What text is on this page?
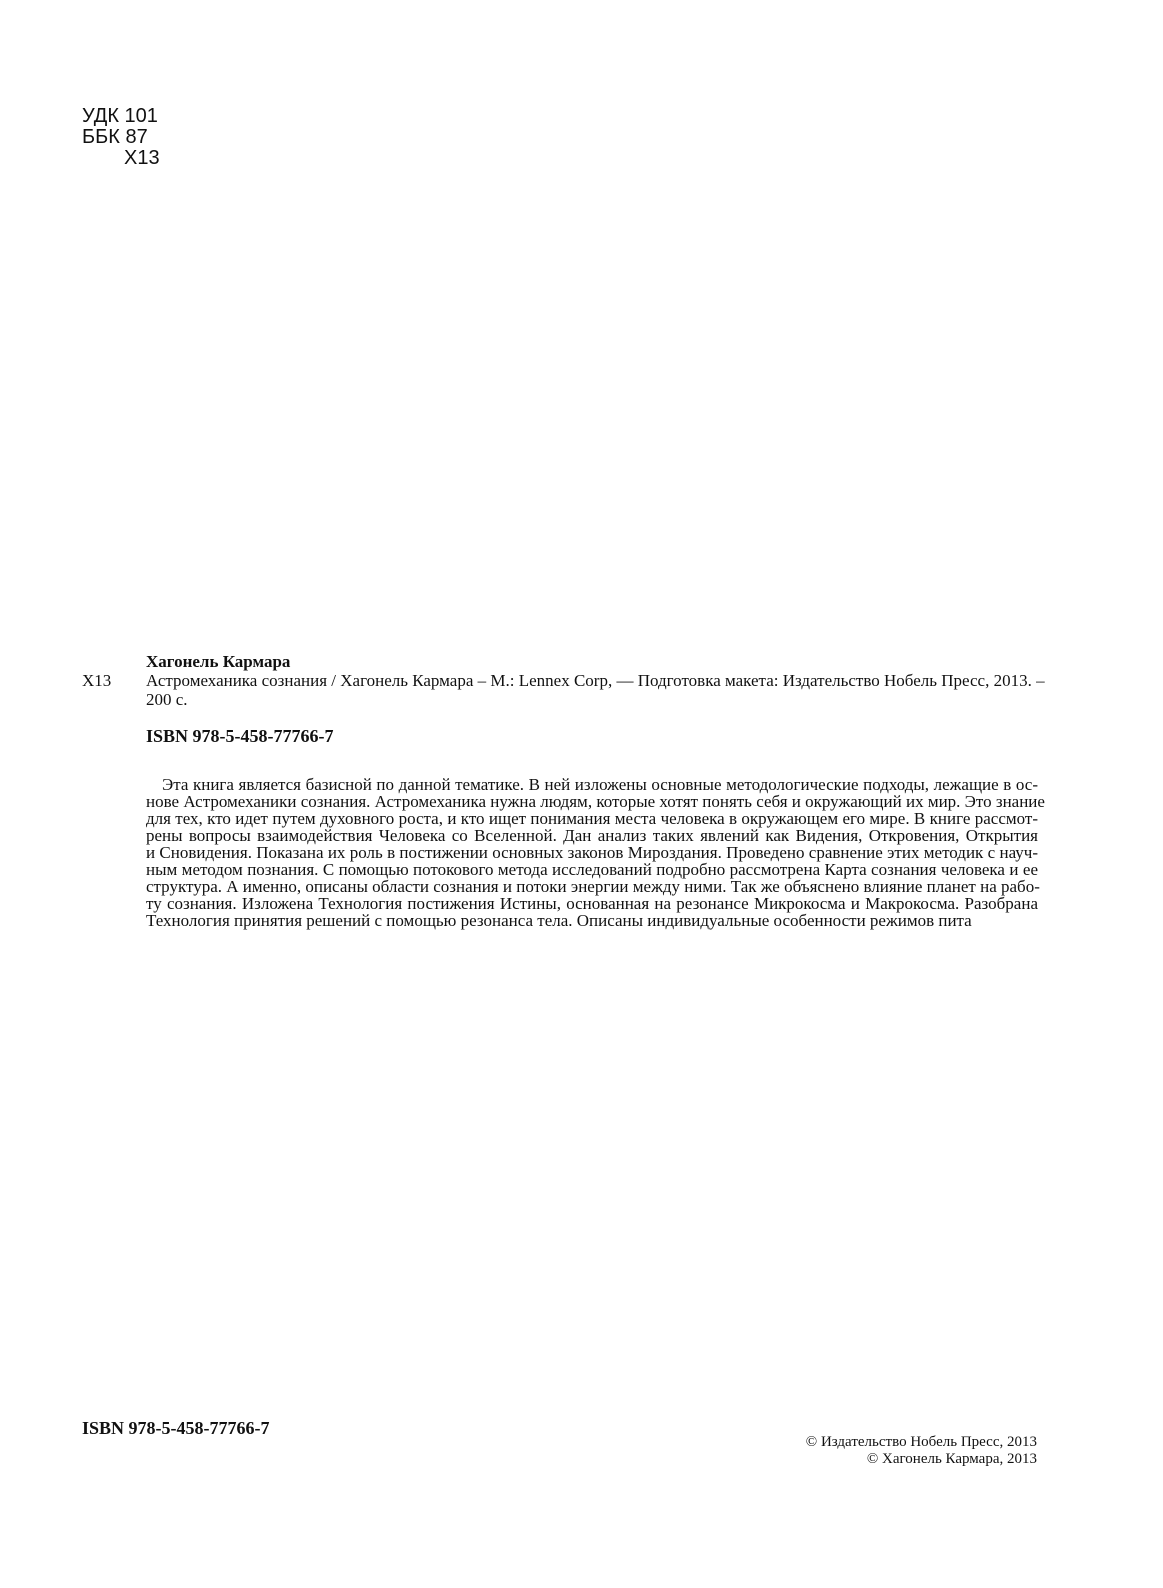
УДК 101
ББК 87
Х13
Хагонель Кармара
Х13 Астромеханика сознания / Хагонель Кармара – М.: Lennex Corp, — Подготовка макета: Издательство Нобель Пресс, 2013. –
200 с.
ISBN 978-5-458-77766-7
Эта книга является базисной по данной тематике. В ней изложены основные методологические подходы, лежащие в ос-
нове Астромеханики сознания. Астромеханика нужна людям, которые хотят понять себя и окружающий их мир. Это знание
для тех, кто идет путем духовного роста, и кто ищет понимания места человека в окружающем его мире. В книге рассмот-
рены вопросы взаимодействия Человека со Вселенной. Дан анализ таких явлений как Видения, Откровения, Открытия
и Сновидения. Показана их роль в постижении основных законов Мироздания. Проведено сравнение этих методик с науч-
ным методом познания. С помощью потокового метода исследований подробно рассмотрена Карта сознания человека и ее
структура. А именно, описаны области сознания и потоки энергии между ними. Так же объяснено влияние планет на рабо-
ту сознания. Изложена Технология постижения Истины, основанная на резонансе Микрокосма и Макрокосма. Разобрана
Технология принятия решений с помощью резонанса тела. Описаны индивидуальные особенности режимов пита
ISBN 978-5-458-77766-7
© Издательство Нобель Пресс, 2013
© Хагонель Кармара, 2013
